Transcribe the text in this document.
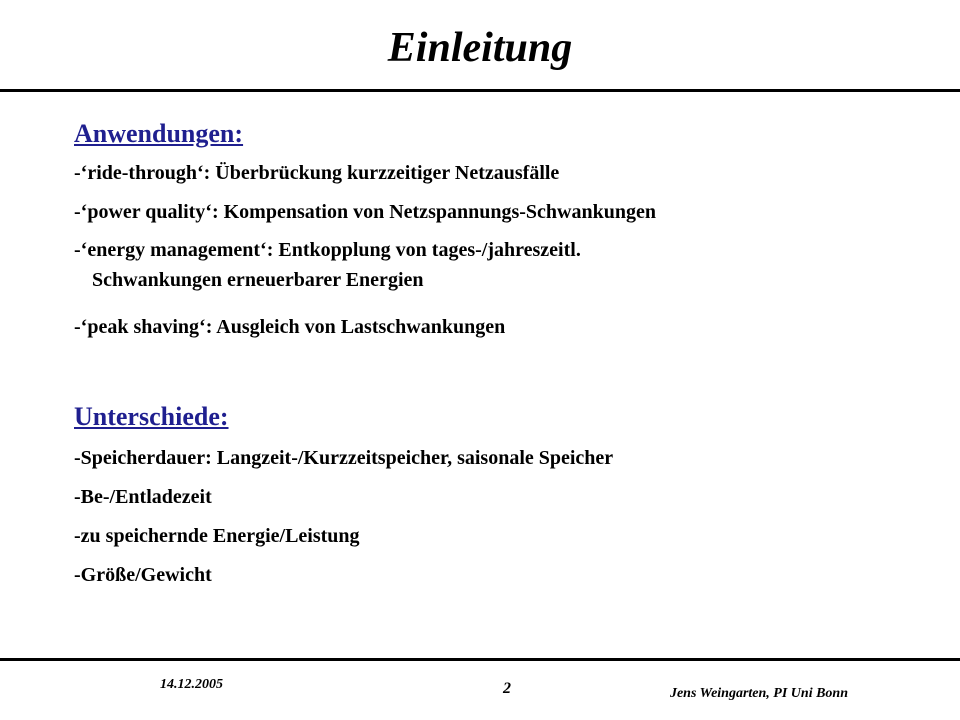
Einleitung
Anwendungen:
-‘ride-through‘: Überbrückung kurzzeitiger Netzausfälle
-‘power quality‘: Kompensation von Netzspannungs-Schwankungen
-‘energy management‘: Entkopplung von tages-/jahreszeitl.
Schwankungen erneuerbarer Energien
-‘peak shaving‘: Ausgleich von Lastschwankungen
Unterschiede:
-Speicherdauer: Langzeit-/Kurzzeitspeicher, saisonale Speicher
-Be-/Entladezeit
-zu speichernde Energie/Leistung
-Größe/Gewicht
14.12.2005	2	Jens Weingarten, PI Uni Bonn
